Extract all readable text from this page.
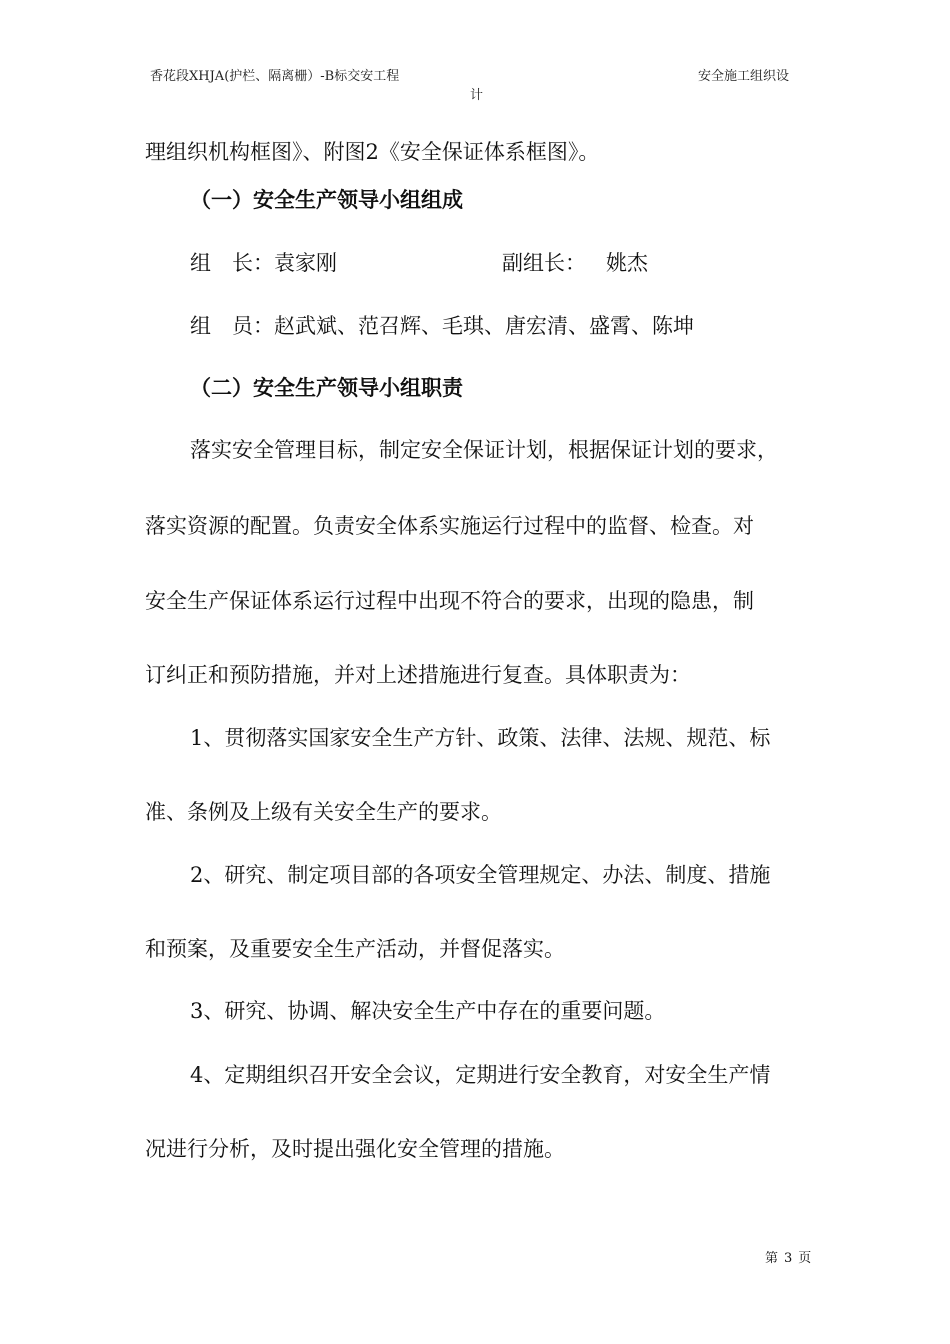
香花段XHJA(护栏、隔离栅）-B标交安工程	安全施工组织设
计
理组织机构框图》、附图2《安全保证体系框图》。
（一）安全生产领导小组组成
组　长：袁家刚	副组长： 姚杰
组　员：赵武斌、范召辉、毛琪、唐宏清、盛霄、陈坤
（二）安全生产领导小组职责
落实安全管理目标，制定安全保证计划，根据保证计划的要求，
落实资源的配置。负责安全体系实施运行过程中的监督、检查。对
安全生产保证体系运行过程中出现不符合的要求，出现的隐患，制
订纠正和预防措施，并对上述措施进行复查。具体职责为：
1、贯彻落实国家安全生产方针、政策、法律、法规、规范、标
准、条例及上级有关安全生产的要求。
2、研究、制定项目部的各项安全管理规定、办法、制度、措施
和预案，及重要安全生产活动，并督促落实。
3、研究、协调、解决安全生产中存在的重要问题。
4、定期组织召开安全会议，定期进行安全教育，对安全生产情
况进行分析，及时提出强化安全管理的措施。
第 3 页
